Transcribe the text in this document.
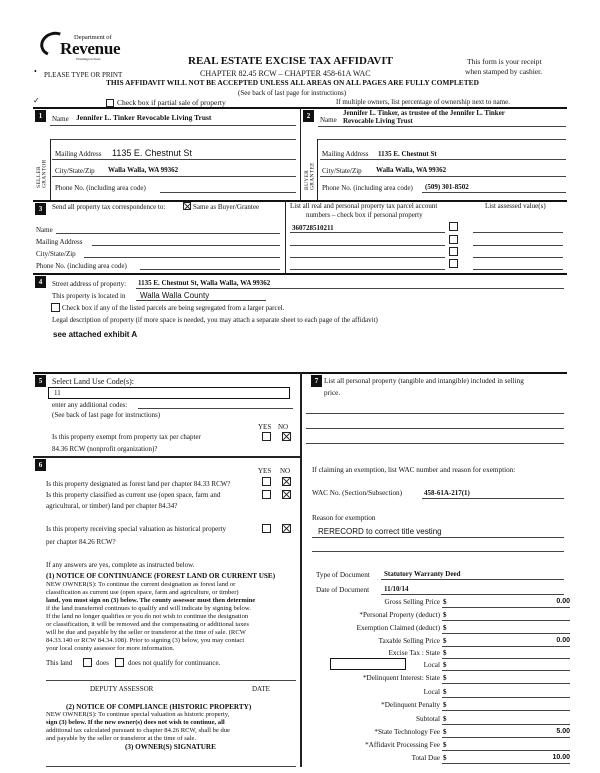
Department of
Revenue
Washington State	REAL ESTATE EXCISE TAX AFFIDAVIT
CHAPTER 82.45 RCW – CHAPTER 458-61A WAC
PLEASE TYPE OR PRINT
•
This form is your receipt
when stamped by cashier.
THIS AFFIDAVIT WILL NOT BE ACCEPTED UNLESS ALL AREAS ON ALL PAGES ARE FULLY COMPLETED
(See back of last page for instructions)
✓	Check box if partial sale of property	If multiple owners, list percentage of ownership next to name.
1	Name Jennifer L. Tinker Revocable Living Trust
SELLER GRANTOR
Mailing Address 1135 E. Chestnut St
City/State/Zip Walla Walla, WA 99362
Phone No. (including area code)
2	Name
Jennifer L. Tinker, as trustee of the Jennifer L. Tinker
Revocable Living Trust
BUYER GRANTEE
Mailing Address 1135 E. Chestnut St
City/State/Zip Walla Walla, WA 99362
Phone No. (including area code) (509) 301-8502
3	Send all property tax correspondence to:	Same as Buyer/Grantee	List all real and personal property tax parcel account
numbers – check box if personal property
List assessed value(s)
360728510211
Name
Mailing Address
City/State/Zip
Phone No. (including area code)
4	Street address of property: 1135 E. Chestnut St, Walla Walla, WA 99362
This property is located in Walla Walla County
Check box if any of the listed parcels are being segregated from a larger parcel.
Legal description of property (if more space is needed, you may attach a separate sheet to each page of the affidavit)
see attached exhibit A
5	Select Land Use Code(s):
11
enter any additional codes:
(See back of last page for instructions)
YES NO
Is this property exempt from property tax per chapter
84.36 RCW (nonprofit organization)?
6
YES NO
Is this property designated as forest land per chapter 84.33 RCW?
Is this property classified as current use (open space, farm and
agricultural, or timber) land per chapter 84.34?
Is this property receiving special valuation as historical property
per chapter 84.26 RCW?
If any answers are yes, complete as instructed below.
(1) NOTICE OF CONTINUANCE (FOREST LAND OR CURRENT USE)
NEW OWNER(S): To continue the current designation as forest land or
classification as current use (open space, farm and agriculture, or timber)
land, you must sign on (3) below. The county assessor must then determine
if the land transferred continues to qualify and will indicate by signing below.
If the land no longer qualifies or you do not wish to continue the designation
or classification, it will be removed and the compensating or additional taxes
will be due and payable by the seller or transferor at the time of sale. (RCW
84.33.140 or RCW 84.34.108). Prior to signing (3) below, you may contact
your local county assessor for more information.
This land	does	does not qualify for continuance.
DEPUTY ASSESSOR	DATE
(2) NOTICE OF COMPLIANCE (HISTORIC PROPERTY)
NEW OWNER(S): To continue special valuation as historic property,
sign (3) below. If the new owner(s) does not wish to continue, all
additional tax calculated pursuant to chapter 84.26 RCW, shall be due
and payable by the seller or transferor at the time of sale.
(3) OWNER(S) SIGNATURE
7 List all personal property (tangible and intangible) included in selling
price.
If claiming an exemption, list WAC number and reason for exemption:
WAC No. (Section/Subsection)	458-61A-217(1)
Reason for exemption
RERECORD to correct title vesting
Type of Document Statutory Warranty Deed
Date of Document 11/10/14
Gross Selling Price $	0.00
*Personal Property (deduct) $
Exemption Claimed (deduct) $
Taxable Selling Price $	0.00
Excise Tax : State $
Local $
*Delinquent Interest: State $
Local $
*Delinquent Penalty $
Subtotal $
*State Technology Fee $	5.00
*Affidavit Processing Fee $
Total Due $	10.00
